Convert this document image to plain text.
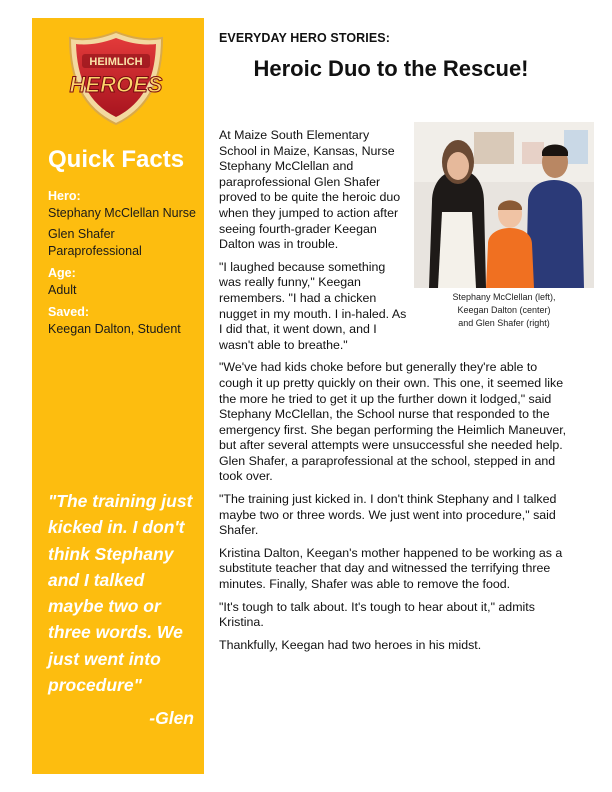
HEIMLICH
HEROES
Quick Facts
Hero:
Stephany McClellan Nurse
Glen Shafer Paraprofessional
Age:
Adult
Saved:
Keegan Dalton, Student
"The training just kicked in. I don't think Stephany and I talked maybe two or three words. We just went into procedure"
-Glen
EVERYDAY HERO STORIES:
Heroic Duo to the Rescue!
Stephany McClellan (left),
Keegan Dalton (center)
and Glen Shafer (right)

At Maize South Elementary School in Maize, Kansas, Nurse Stephany McClellan and paraprofessional Glen Shafer proved to be quite the heroic duo when they jumped to action after seeing fourth-grader Keegan Dalton was in trouble.

"I laughed because something was really funny," Keegan remembers. "I had a chicken nugget in my mouth. I in-haled. As I did that, it went down, and I wasn't able to breathe."

"We've had kids choke before but generally they're able to cough it up pretty quickly on their own. This one, it seemed like the more he tried to get it up the further down it lodged," said Stephany McClellan, the School nurse that responded to the emergency first. She began performing the Heimlich Maneuver, but after several attempts were unsuccessful she needed help. Glen Shafer, a paraprofessional at the school, stepped in and took over.

"The training just kicked in. I don't think Stephany and I talked maybe two or three words. We just went into procedure," said Shafer.

Kristina Dalton, Keegan's mother happened to be working as a substitute teacher that day and witnessed the terrifying three minutes. Finally, Shafer was able to remove the food.

"It's tough to talk about. It's tough to hear about it," admits Kristina.

Thankfully, Keegan had two heroes in his midst.
